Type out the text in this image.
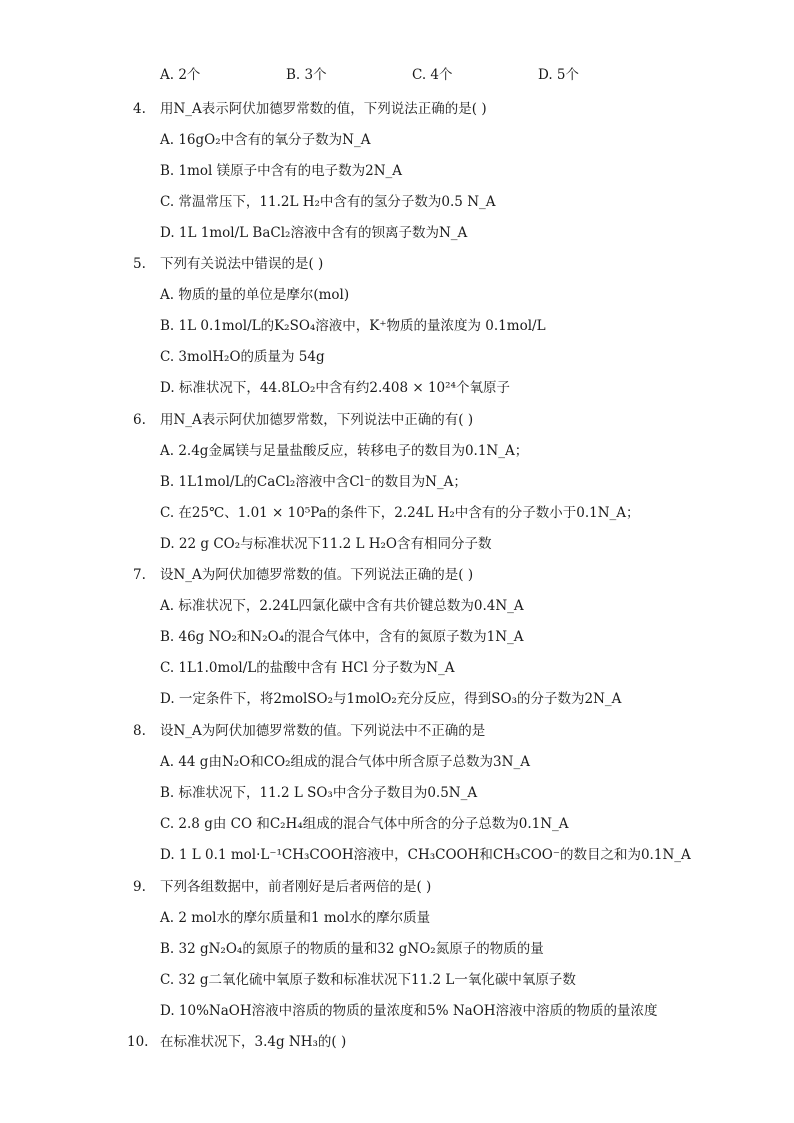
A. 2个	B. 3个	C. 4个	D. 5个
4. 用N_A表示阿伏加德罗常数的值，下列说法正确的是( )
A. 16gO₂中含有的氧分子数为N_A
B. 1mol 镁原子中含有的电子数为2N_A
C. 常温常压下，11.2L H₂中含有的氢分子数为0.5 N_A
D. 1L 1mol/L BaCl₂溶液中含有的钡离子数为N_A
5. 下列有关说法中错误的是( )
A. 物质的量的单位是摩尔(mol)
B. 1L 0.1mol/L的K₂SO₄溶液中，K⁺物质的量浓度为 0.1mol/L
C. 3molH₂O的质量为 54g
D. 标准状况下，44.8LO₂中含有约2.408 × 10²⁴个氧原子
6. 用N_A表示阿伏加德罗常数，下列说法中正确的有( )
A. 2.4g金属镁与足量盐酸反应，转移电子的数目为0.1N_A；
B. 1L1mol/L的CaCl₂溶液中含Cl⁻的数目为N_A；
C. 在25℃、1.01 × 10⁵Pa的条件下，2.24L H₂中含有的分子数小于0.1N_A；
D. 22 g CO₂与标准状况下11.2 L H₂O含有相同分子数
7. 设N_A为阿伏加德罗常数的值。下列说法正确的是( )
A. 标准状况下，2.24L四氯化碳中含有共价键总数为0.4N_A
B. 46g NO₂和N₂O₄的混合气体中，含有的氮原子数为1N_A
C. 1L1.0mol/L的盐酸中含有 HCl 分子数为N_A
D. 一定条件下，将2molSO₂与1molO₂充分反应，得到SO₃的分子数为2N_A
8. 设N_A为阿伏加德罗常数的值。下列说法中不正确的是
A. 44 g由N₂O和CO₂组成的混合气体中所含原子总数为3N_A
B. 标准状况下，11.2 L SO₃中含分子数目为0.5N_A
C. 2.8 g由 CO 和C₂H₄组成的混合气体中所含的分子总数为0.1N_A
D. 1 L 0.1 mol·L⁻¹CH₃COOH溶液中，CH₃COOH和CH₃COO⁻的数目之和为0.1N_A
9. 下列各组数据中，前者刚好是后者两倍的是( )
A. 2 mol水的摩尔质量和1 mol水的摩尔质量
B. 32 gN₂O₄的氮原子的物质的量和32 gNO₂氮原子的物质的量
C. 32 g二氧化硫中氧原子数和标准状况下11.2 L一氧化碳中氧原子数
D. 10%NaOH溶液中溶质的物质的量浓度和5% NaOH溶液中溶质的物质的量浓度
10. 在标准状况下，3.4g NH₃的( )
